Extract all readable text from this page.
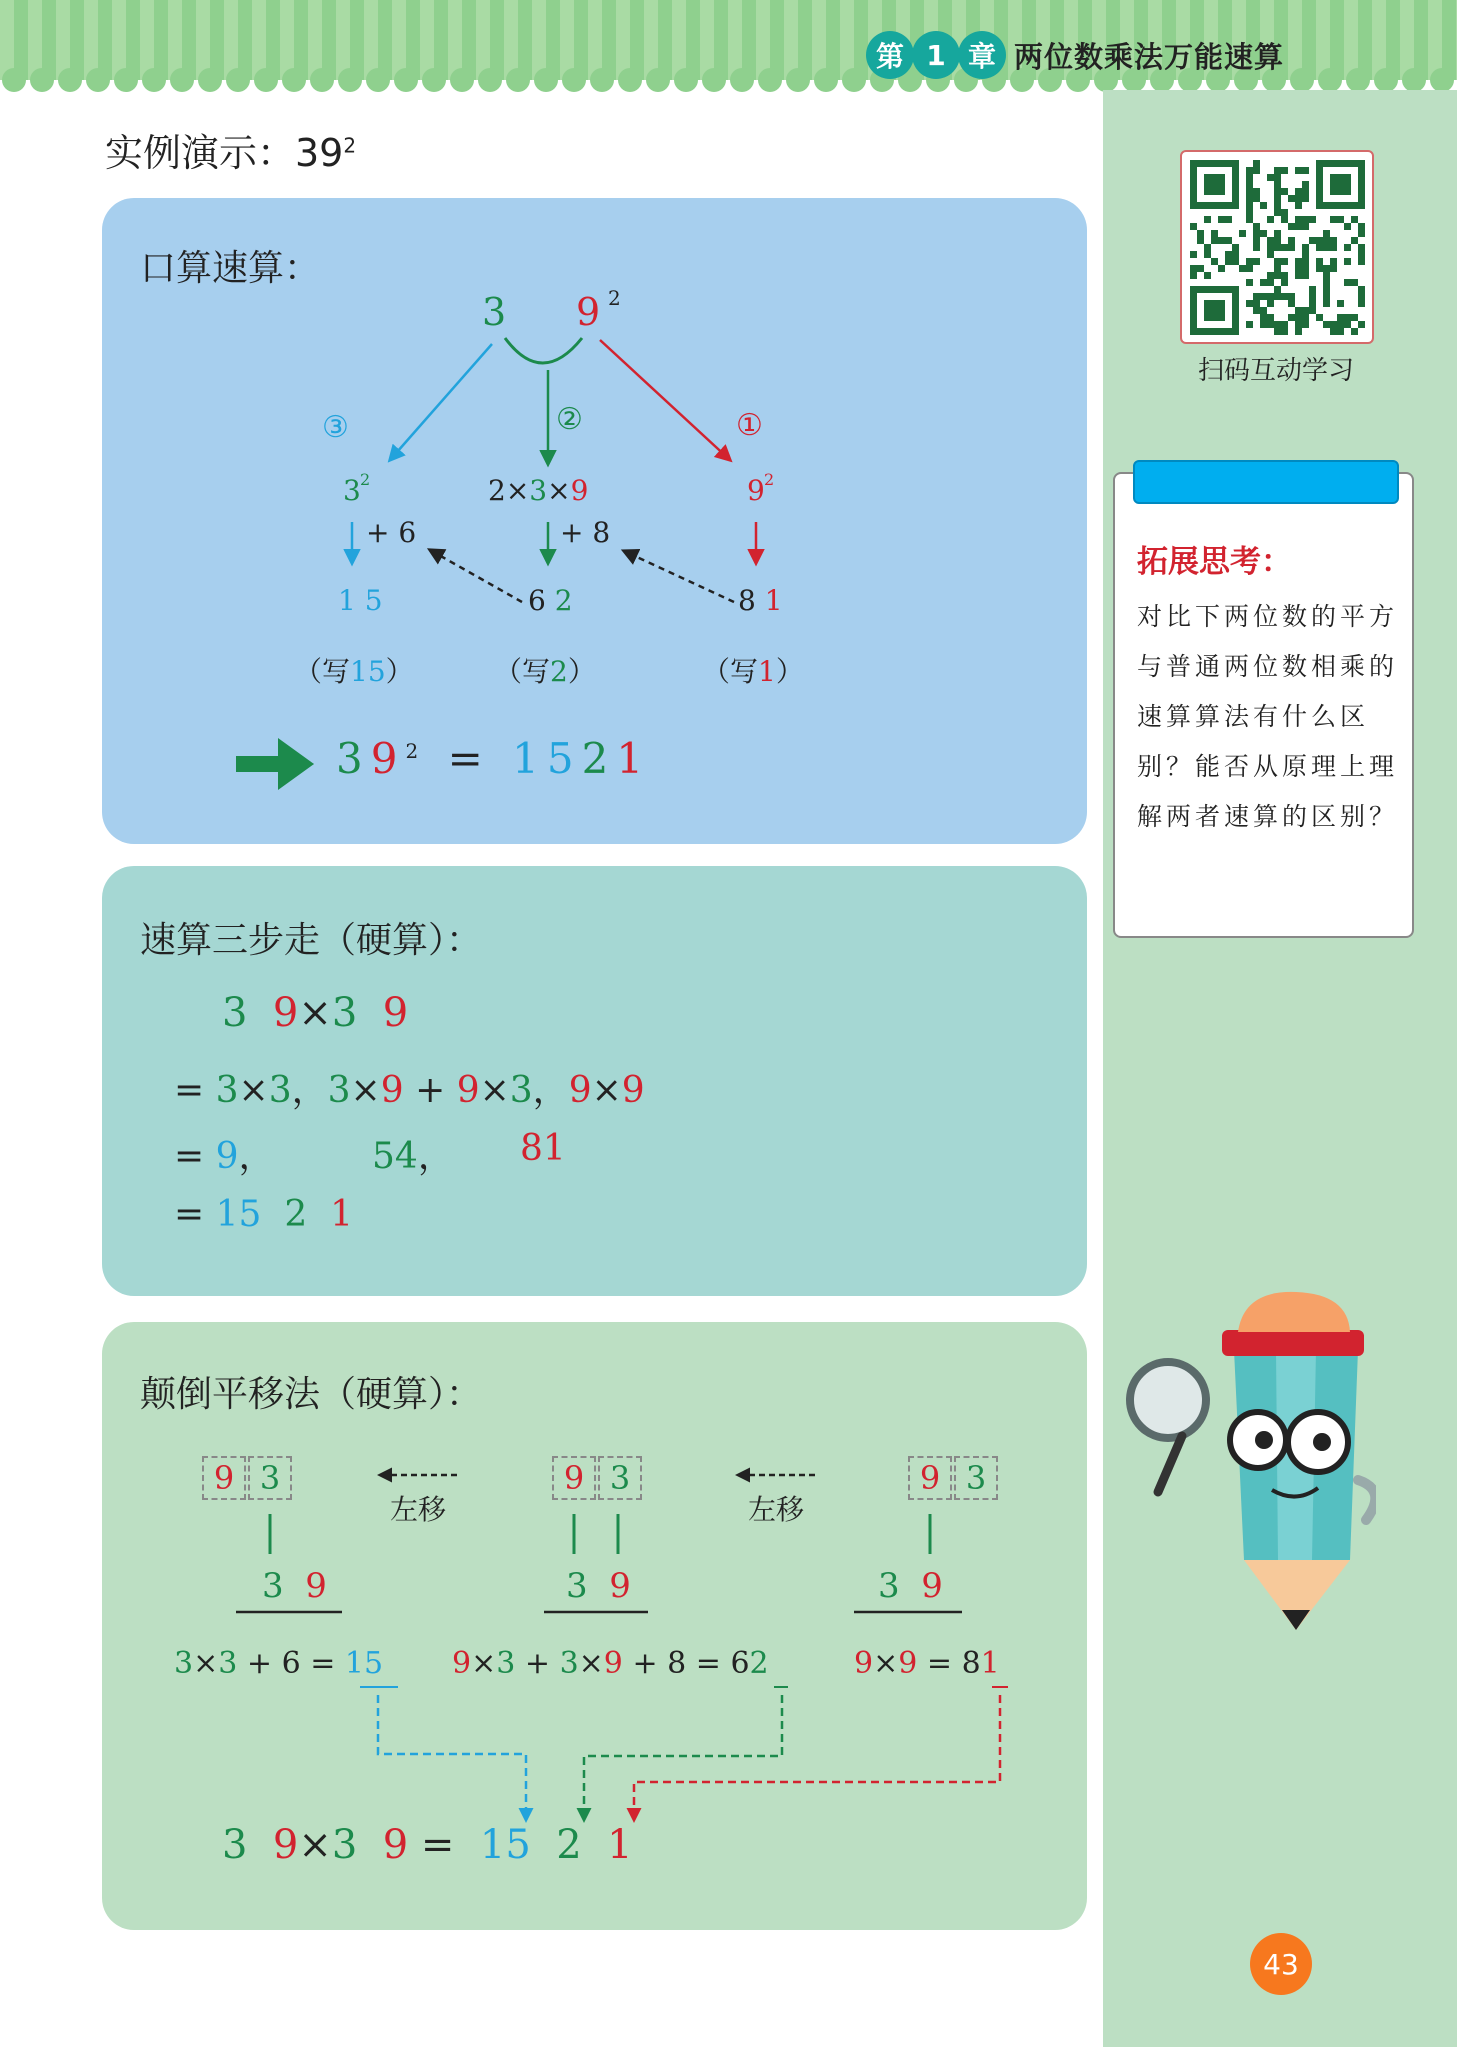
第 1 章 两位数乘法万能速算
实例演示：$39^2$
口算速算：
3 9 2
③	②	①
3 2	2×3×9	9 2
+ 6	+ 8
1 5	6 2	8 1
（写15）	（写2）	（写1）
$39^2 = 1521$
速算三步走（硬算）：
3 9×3 9
= 3×3，3×9 + 9×3，9×9
= 9，	54， 81
= 15 2 1
颠倒平移法（硬算）：
9 3	9 3	9 3
左移	左移
3 9	3 9	3 9
3×3 + 6 = 15 9×3 + 3×9 + 8 = 62	9×9 = 81
3 9×3 9 = 15 2 1
扫码互动学习
拓展思考：
对比下两位数的平方与普通两位数相乘的速算算法有什么区别？能否从原理上理解两者速算的区别？
43
